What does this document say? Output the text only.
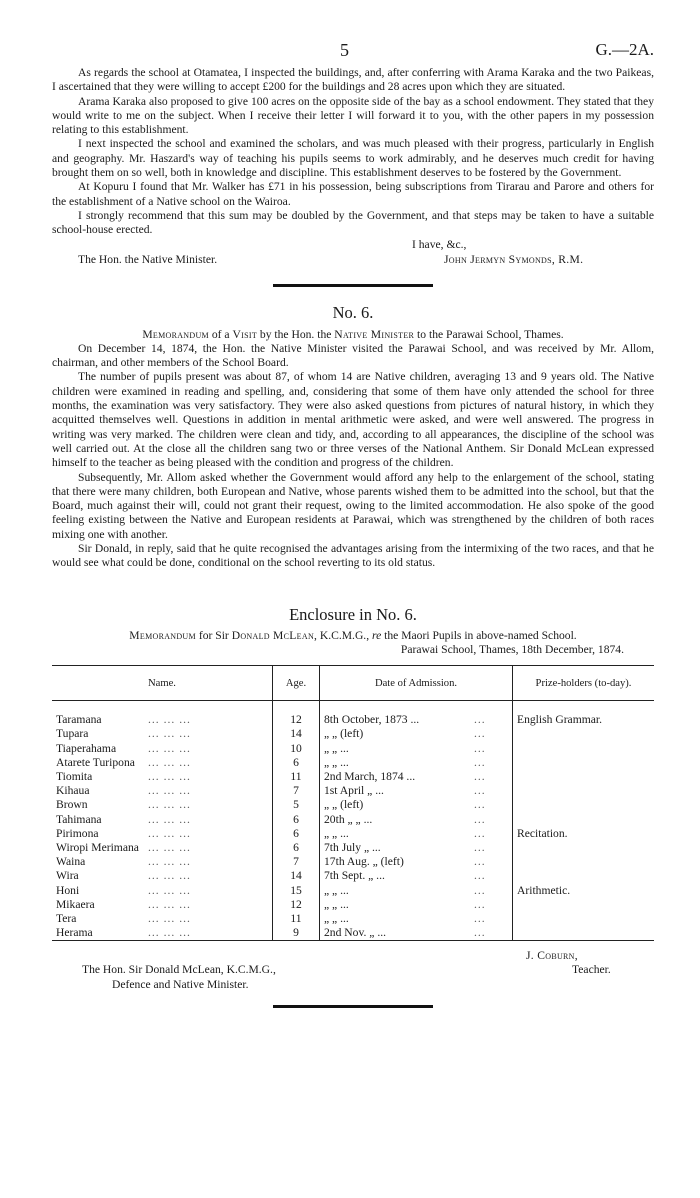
5	G.—2A.

As regards the school at Otamatea, I inspected the buildings, and, after conferring with Arama Karaka and the two Paikeas, I ascertained that they were willing to accept £200 for the buildings and 28 acres upon which they are situated.

Arama Karaka also proposed to give 100 acres on the opposite side of the bay as a school endowment. They stated that they would write to me on the subject. When I receive their letter I will forward it to you, with the other papers in my possession relating to this establishment.

I next inspected the school and examined the scholars, and was much pleased with their progress, particularly in English and geography. Mr. Haszard's way of teaching his pupils seems to work admirably, and he deserves much credit for having brought them on so well, both in knowledge and discipline. This establishment deserves to be fostered by the Government.

At Kopuru I found that Mr. Walker has £71 in his possession, being subscriptions from Tirarau and Parore and others for the establishment of a Native school on the Wairoa.

I strongly recommend that this sum may be doubled by the Government, and that steps may be taken to have a suitable school-house erected.

I have, &c.,
The Hon. the Native Minister.	John Jermyn Symonds, R.M.
No. 6.
Memorandum of a Visit by the Hon. the Native Minister to the Parawai School, Thames.

On December 14, 1874, the Hon. the Native Minister visited the Parawai School, and was received by Mr. Allom, chairman, and other members of the School Board.

The number of pupils present was about 87, of whom 14 are Native children, averaging 13 and 9 years old. The Native children were examined in reading and spelling, and, considering that some of them have only attended the school for three months, the examination was very satisfactory. They were also asked questions from pictures of natural history, in which they acquitted themselves well. Questions in addition in mental arithmetic were asked, and were well answered. The progress in writing was very marked. The children were clean and tidy, and, according to all appearances, the discipline of the school was well carried out. At the close all the children sang two or three verses of the National Anthem. Sir Donald McLean expressed himself to the teacher as being pleased with the condition and progress of the children.

Subsequently, Mr. Allom asked whether the Government would afford any help to the enlargement of the school, stating that there were many children, both European and Native, whose parents wished them to be admitted into the school, but that the Board, much against their will, could not grant their request, owing to the limited accommodation. He also spoke of the good feeling existing between the Native and European residents at Parawai, which was strengthened by the children of both races mixing one with another.

Sir Donald, in reply, said that he quite recognised the advantages arising from the intermixing of the two races, and that he would see what could be done, conditional on the school reverting to its old status.

Enclosure in No. 6.
Memorandum for Sir Donald McLean, K.C.M.G., re the Maori Pupils in above-named School.
Parawai School, Thames, 18th December, 1874.
Name.	Age.	Date of Admission.	Prize-holders (to-day).

Taramana ... ... ...	12	8th October, 1873 ... ...	English Grammar.
Tupara ... ... ...	14	„ „ (left) ...	
Tiaperahama ... ... ...	10	„ „ ... ...	
Atarete Turipona ... ... ...	6	„ „ ... ...	
Tiomita ... ... ...	11	2nd March, 1874 ... ...	
Kihaua ... ... ...	7	1st April „ ... ...	
Brown ... ... ...	5	„ „ (left) ...	
Tahimana ... ... ...	6	20th „ „ ... ...	
Pirimona ... ... ...	6	„ „ ... ...	Recitation.
Wiropi Merimana ... ... ...	6	7th July „ ... ...	
Waina ... ... ...	7	17th Aug. „ (left) ...	
Wira ... ... ...	14	7th Sept. „ ... ...	
Honi ... ... ...	15	„ „ ... ...	Arithmetic.
Mikaera ... ... ...	12	„ „ ... ...	
Tera ... ... ...	11	„ „ ... ...	
Herama ... ... ...	9	2nd Nov. „ ... ...	
J. Coburn,
Teacher.
The Hon. Sir Donald McLean, K.C.M.G.,
Defence and Native Minister.
